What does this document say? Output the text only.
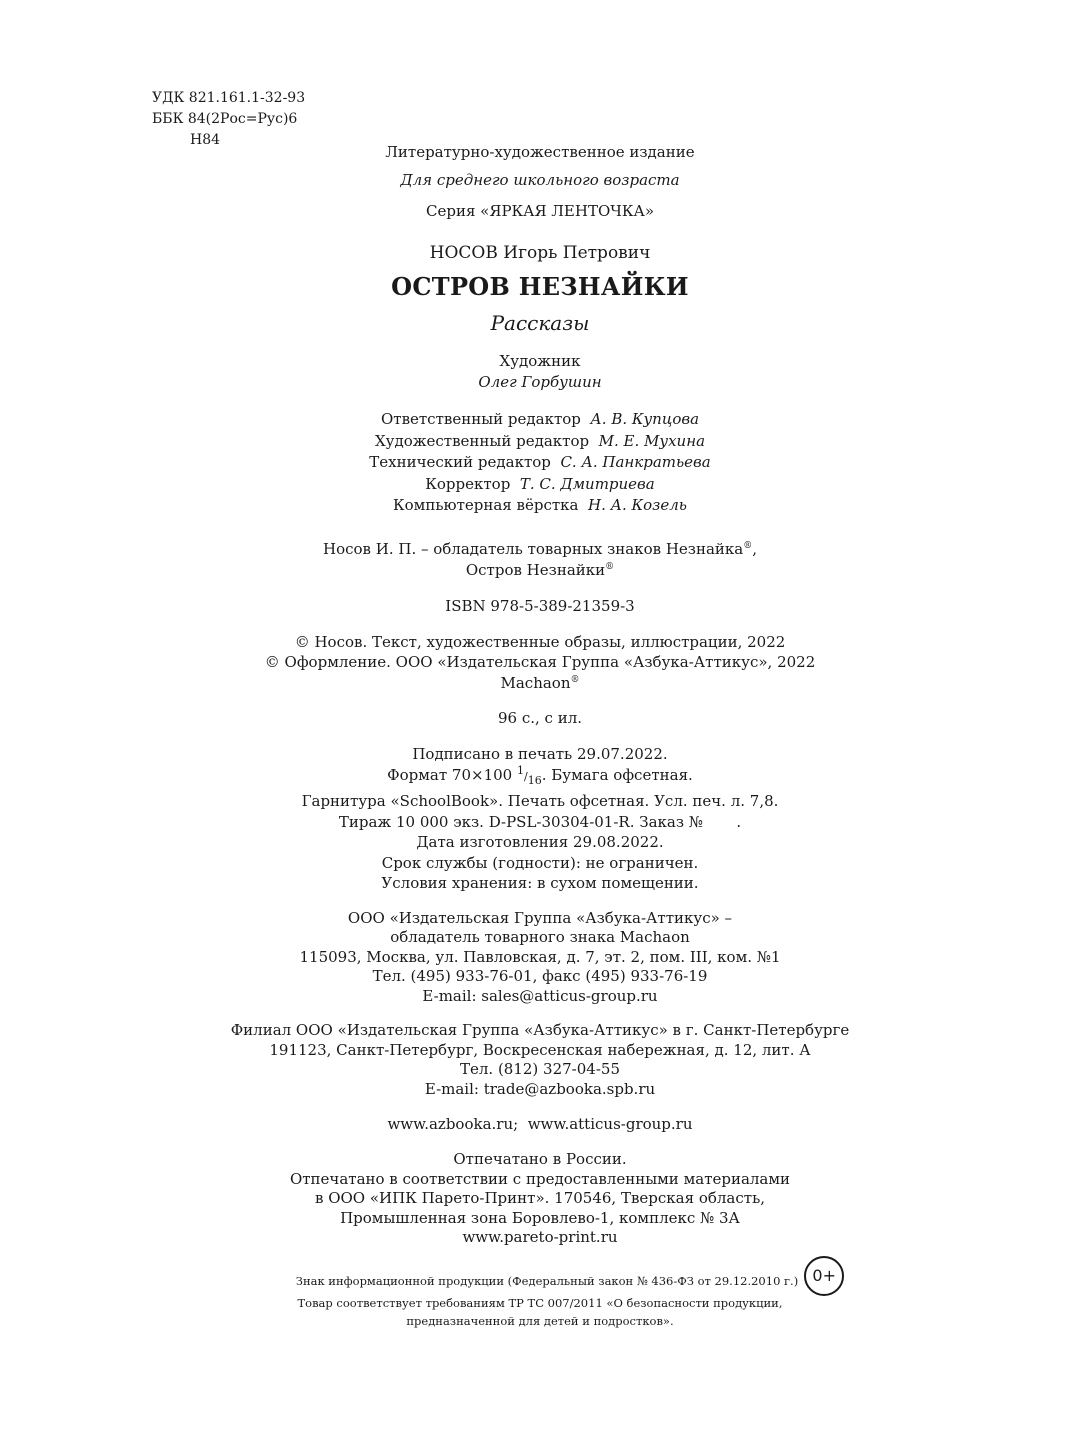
УДК 821.161.1-32-93
ББК 84(2Рос=Рус)6
Н84
Литературно-художественное издание
Для среднего школьного возраста
Серия «ЯРКАЯ ЛЕНТОЧКА»
НОСОВ Игорь Петрович
ОСТРОВ НЕЗНАЙКИ
Рассказы
Художник
Олег Горбушин
Ответственный редактор А. В. Купцова
Художественный редактор М. Е. Мухина
Технический редактор С. А. Панкратьева
Корректор Т. С. Дмитриева
Компьютерная вёрстка Н. А. Козель
Носов И. П. – обладатель товарных знаков Незнайка®,
Остров Незнайки®
ISBN 978-5-389-21359-3
© Носов. Текст, художественные образы, иллюстрации, 2022
© Оформление. ООО «Издательская Группа «Азбука-Аттикус», 2022
Machaon®
96 с., с ил.
Подписано в печать 29.07.2022.
Формат 70×100 $^1/_{16}$. Бумага офсетная.
Гарнитура «SchoolBook». Печать офсетная. Усл. печ. л. 7,8.
Тираж 10 000 экз. D-PSL-30304-01-R. Заказ №       .
Дата изготовления 29.08.2022.
Срок службы (годности): не ограничен.
Условия хранения: в сухом помещении.
ООО «Издательская Группа «Азбука-Аттикус» –
обладатель товарного знака Machaon
115093, Москва, ул. Павловская, д. 7, эт. 2, пом. III, ком. №1
Тел. (495) 933-76-01, факс (495) 933-76-19
E-mail: sales@atticus-group.ru
Филиал ООО «Издательская Группа «Азбука-Аттикус» в г. Санкт-Петербурге
191123, Санкт-Петербург, Воскресенская набережная, д. 12, лит. А
Тел. (812) 327-04-55
E-mail: trade@azbooka.spb.ru
www.azbooka.ru;  www.atticus-group.ru
Отпечатано в России.
Отпечатано в соответствии с предоставленными материалами
в ООО «ИПК Парето-Принт». 170546, Тверская область,
Промышленная зона Боровлево-1, комплекс № 3А
www.pareto-print.ru
Знак информационной продукции (Федеральный закон № 436-ФЗ от 29.12.2010 г.) 0+
Товар соответствует требованиям ТР ТС 007/2011 «О безопасности продукции,
предназначенной для детей и подростков».
